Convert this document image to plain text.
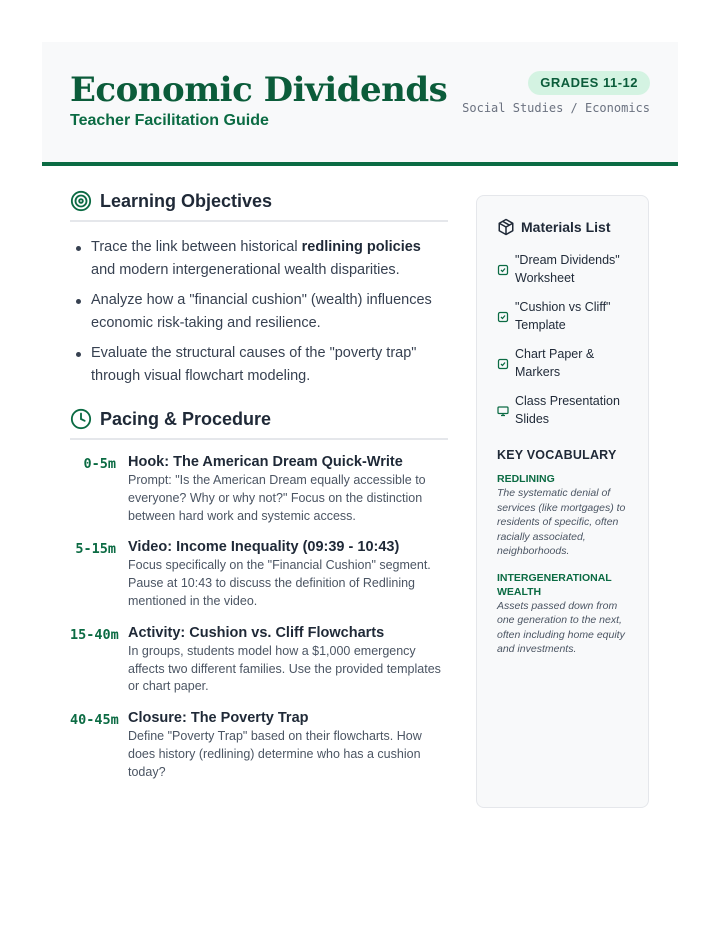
Economic Dividends
Teacher Facilitation Guide
GRADES 11-12
Social Studies / Economics
Learning Objectives
Trace the link between historical redlining policies and modern intergenerational wealth disparities.
Analyze how a "financial cushion" (wealth) influences economic risk-taking and resilience.
Evaluate the structural causes of the "poverty trap" through visual flowchart modeling.
Pacing & Procedure
0-5m Hook: The American Dream Quick-Write

Prompt: "Is the American Dream equally accessible to everyone? Why or why not?" Focus on the distinction between hard work and systemic access.

5-15m Video: Income Inequality (09:39 - 10:43)

Focus specifically on the "Financial Cushion" segment. Pause at 10:43 to discuss the definition of Redlining mentioned in the video.

15-40m Activity: Cushion vs. Cliff Flowcharts

In groups, students model how a $1,000 emergency affects two different families. Use the provided templates or chart paper.

40-45m Closure: The Poverty Trap

Define "Poverty Trap" based on their flowcharts. How does history (redlining) determine who has a cushion today?

Materials List
"Dream Dividends" Worksheet
"Cushion vs Cliff" Template
Chart Paper & Markers
Class Presentation Slides
KEY VOCABULARY
REDLINING
The systematic denial of services (like mortgages) to residents of specific, often racially associated, neighborhoods.
INTERGENERATIONAL WEALTH
Assets passed down from one generation to the next, often including home equity and investments.
